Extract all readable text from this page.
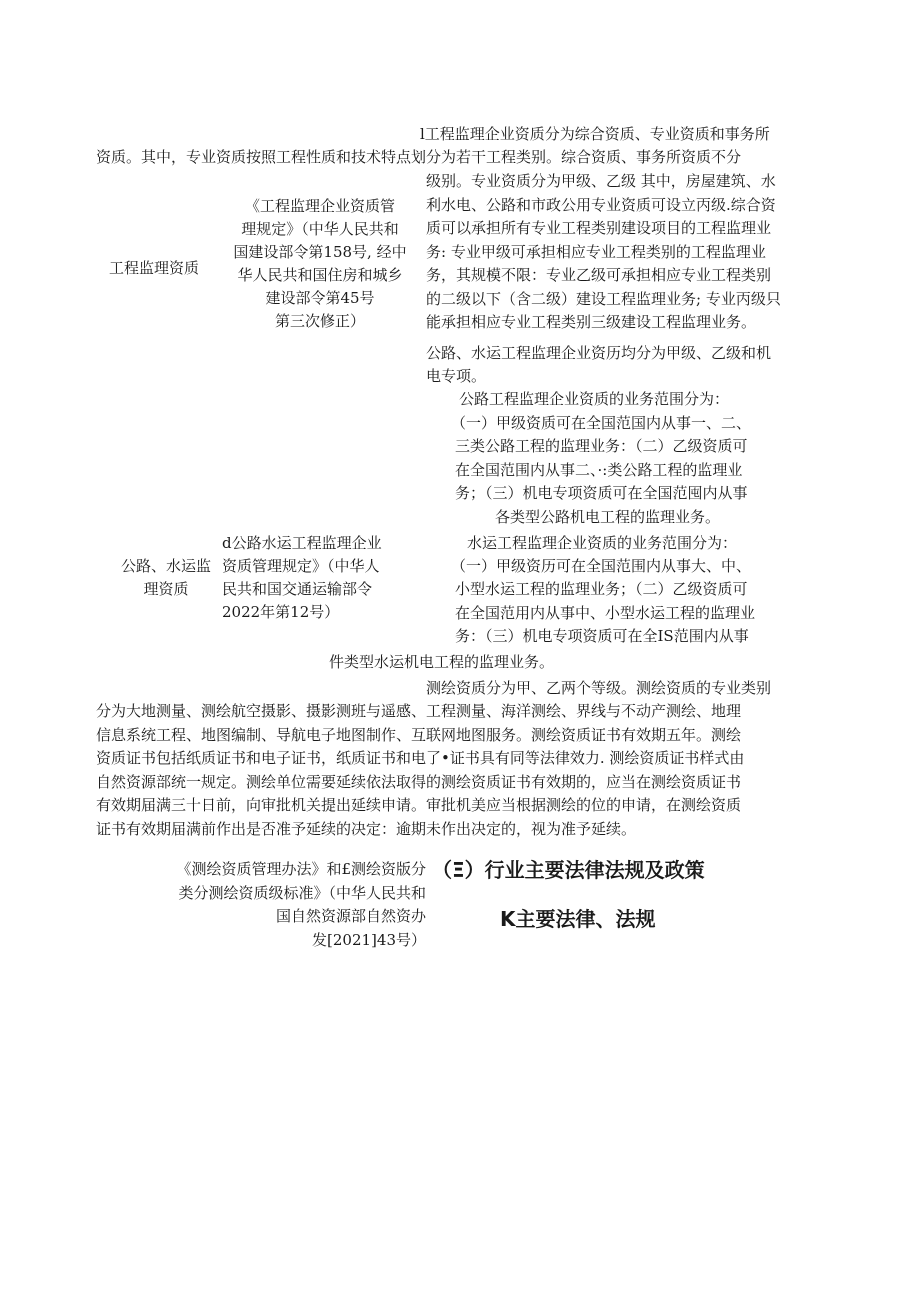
l工程监理企业资质分为综合资质、专业资质和事务所
资质。其中，专业资质按照工程性质和技术特点划分为若干工程类别。综合资质、事务所资质不分
级别。专业资质分为甲级、乙级 其中，房屋建筑、水
利水电、公路和市政公用专业资质可设立丙级.综合资
质可以承担所有专业工程类别建设项目的工程监理业
务: 专业甲级可承担相应专业工程类别的工程监理业
务，其规模不限：专业乙级可承担相应专业工程类别
的二级以下（含二级）建设工程监理业务; 专业丙级只
能承担相应专业工程类别三级建设工程监理业务。
《工程监理企业资质管
理规定》（中华人民共和
国建设部令第158号, 经中
华人民共和国住房和城乡
建设部令第45号
第三次修正）
工程监理资质
公路、水运工程监理企业资历均分为甲级、乙级和机
电专项。
公路工程监理企业资质的业务范围分为：
（一）甲级资质可在全国范国内从事一、二、
三类公路工程的监理业务：（二）乙级资质可
在全国范围内从事二、·:类公路工程的监理业
务；（三）机电专项资质可在全国范囤内从事
各类型公路机电工程的监理业务。
水运工程监理企业资质的业务范围分为：
（一）甲级资历可在全国范围内从事大、中、
小型水运工程的监理业务；（二）乙级资质可
在全国范用内从事中、小型水运工程的监理业
务：（三）机电专项资质可在全IS范围内从事
件类型水运机电工程的监理业务。
d公路水运工程监理企业
资质管理规定》（中华人
民共和国交通运输部令
2022年第12号）
公路、水运监
理资质
测绘资质分为甲、乙两个等级。测绘资质的专业类别
分为大地测量、测绘航空摄影、摄影测班与遥感、工程测量、海洋测绘、界线与不动产测绘、地理
信息系统工程、地图编制、导航电子地图制作、互联网地图服务。测绘资质证书有效期五年。测绘
资质证书包括纸质证书和电子证书，纸质证书和电了•证书具有同等法律效力. 测绘资质证书样式由
自然资源部统一规定。测绘单位需要延续依法取得的测绘资质证书有效期的，应当在测绘资质证书
有效期届满三十日前，向审批机关提出延续申请。审批机美应当根据测绘的位的申请，在测绘资质
证书有效期届满前作出是否准予延续的决定：逾期未作出决定的，视为准予延续。
《测绘资质管理办法》和£测绘资版分
类分测绘资质级标准》（中华人民共和
国自然资源部自然资办
发[2021]43号）
（Ξ）行业主要法律法规及政策
K主要法律、法规
